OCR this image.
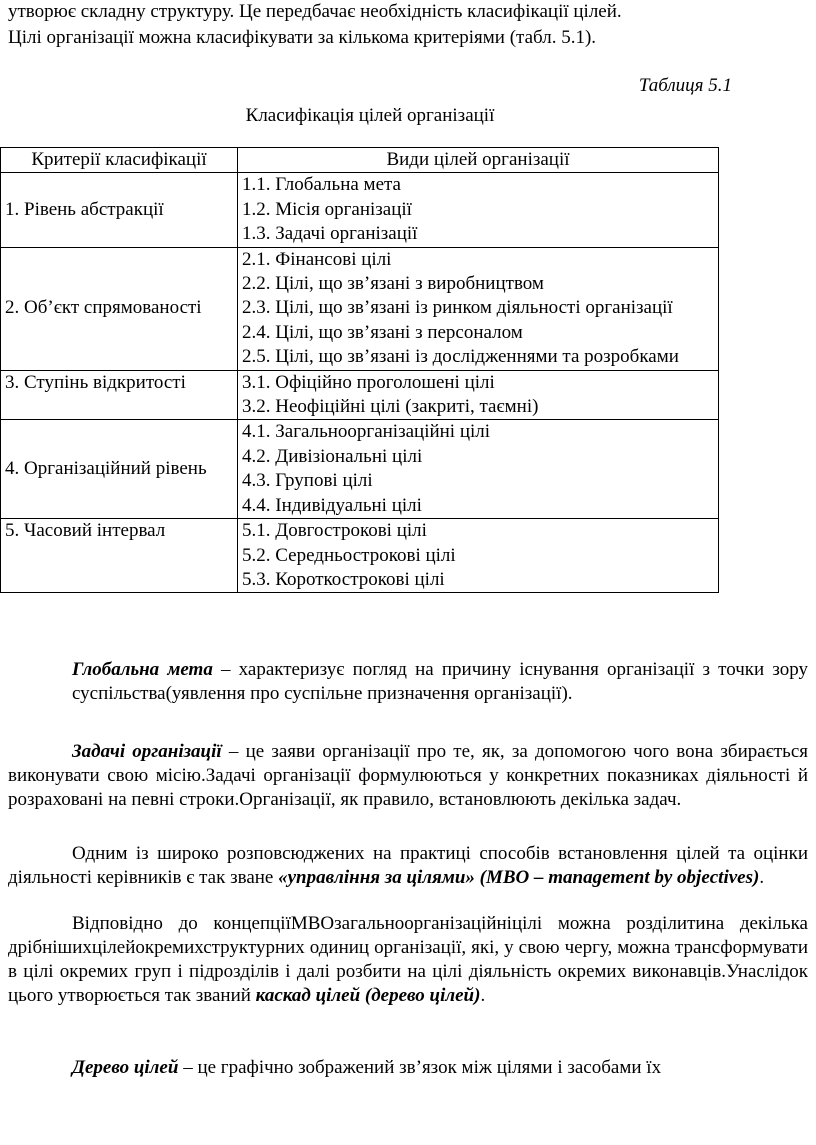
утворює складну структуру. Це передбачає необхідність класифікації цілей.
Цілі організації можна класифікувати за кількома критеріями (табл. 5.1).
Таблиця 5.1
Класифікація цілей організації
Критерії класифікації	Види цілей організації
1. Рівень абстракції	1.1. Глобальна мета
1.2. Місія організації
1.3. Задачі організації

2. Об’єкт спрямованості	2.1. Фінансові цілі
2.2. Цілі, що зв’язані з виробництвом
2.3. Цілі, що зв’язані із ринком діяльності організації
2.4. Цілі, що зв’язані з персоналом
2.5. Цілі, що зв’язані із дослідженнями та розробками

3. Ступінь відкритості	3.1. Офіційно проголошені цілі
3.2. Неофіційні цілі (закриті, таємні)

4. Організаційний рівень	4.1. Загальноорганізаційні цілі
4.2. Дивізіональні цілі
4.3. Групові цілі
4.4. Індивідуальні цілі

5. Часовий інтервал	5.1. Довгострокові цілі
5.2. Середньострокові цілі
5.3. Короткострокові цілі
Глобальна мета – характеризує погляд на причину існування організації з точки зору суспільства(уявлення про суспільне призначення організації).
Задачі організації – це заяви організації про те, як, за допомогою чого вона збирається виконувати свою місію.Задачі організації формулюються у конкретних показниках діяльності й розраховані на певні строки.Організації, як правило, встановлюють декілька задач.
Одним із широко розповсюджених на практиці способів встановлення цілей та оцінки діяльності керівників є так зване «управління за цілями» (MBO – management by objectives).
Відповідно до концепціїMBOзагальноорганізаційніцілі можна розділитина декілька дрібнішихцілейокремихструктурних одиниц організації, які, у свою чергу, можна трансформувати в цілі окремих груп і підрозділів і далі розбити на цілі діяльність окремих виконавців.Унаслідок цього утворюється так званий каскад цілей (дерево цілей).
Дерево цілей – це графічно зображений зв’язок між цілями і засобами їх
